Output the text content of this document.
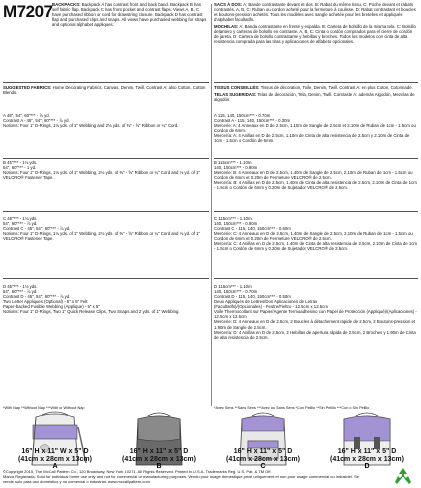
M7207 BACKPACKS: Backpack A has contrast front and back band. Backpack B has self fabric flap. Backpack C has front pocket and contrast flaps. Views A, B, C have purchased ribbon or cord for drawstring closure. Backpack D has contrast flap and purchased clips and snaps. All views have purchased webbing for straps and optional alphabet appliques.

SUGGESTED FABRICS: Home Decorating Fabrics, Canvas, Denim, Twill. Contrast A: also Cotton, Cotton Blends.

A 45", 54", 60"*** - ⅞ yd.
Contrast A - 45", 54", 60"*** - ⅞ yd.
Notions: Four 1" D-Rings, 1⅛ yds. of 1" Webbing and 2⅛ yds. of ⅜" - ⅝" Ribbon or ¼" Cord.
B 45"*** - 1⅛ yds.
54", 60"*** - 1 yd.
Notions: Four 1" D-Rings, 1⅛ yds. of 1" Webbing, 2⅛ yds. of ⅜" - ⅝" Ribbon or ¼" Cord and ⅛ yd. of 1" VELCRO® Fastener Tape.
C 45"*** - 1⅛ yds.
54", 60"*** - ⅞ yd.
Contrast C - 45", 54", 60"*** - ⅞ yd.
Notions: Four 1" D-Rings, 1⅛ yds. of 1" Webbing, 2⅛ yds. of ⅜" - ⅝" Ribbon or ¼" Cord and ⅛ yd. of 1" VELCRO® Fastener Tape.
D 45"*** - 1⅛ yds.
54", 60"*** - ⅞ yd.
Contrast D - 45", 54", 60"*** - ⅞ yd.
Two Letter Appliques (Optional) - 5" x 5" Felt
Paper-backed Fusible Webbing (Applique) - 5" x 5"
Notions: Four 1" D-Rings, Two 1" Quick Release Clips, Two Snaps and 2 yds. of 1" Webbing.

SACS À DOS: A: Bande contrastante devant et dos. B: Rabat du même tissu. C: Poche devant et rabats contrastés. A, B, C: Ruban ou cordon acheté pour la fermeture à coulisse. D: Rabat contrastant et boucles et boutons-pression achetés. Tous les modèles avec sangle achetée pour les bretelles et appliqués d'alphabet facultatifs.

MOCHILAS: A: Banda contrastante en frente y espalda. B: Cartera de bolsillo de la misma tela. C: Bolsillo delantero y carteras de bolsillo en contraste. A, B, C: Cinta o cordón comprados para el cierre de cordón de jareta. D: Cartera de bolsillo contrastante y hebillas y broches. Todos los modelos con cinta de alta resistencia comprada para las tiras y aplicaciones de alfabeto opcionales.

TISSUS CONSEILLÉS: Tissus de décoration, Toile, Denim, Twill. Contrast A: en plus Coton, Cotonnade.

TELAS SUGERIDAS: Telas de decoración, Tela, Denim, Twill. Contraste A: además Algodón, Mezclas de algodón.

A 115, 140, 150cm*** - 0.70m
Contrast A - 115, 140, 150cm*** - 0.30m
Mercerie: A: 4 Anneaux en D de 2.5cm, 1.10m de Sangle de 2.5cm et 2.10m de Ruban de 1cm - 1.5cm ou Cordon de 6mm.
Mercería: A: 4 Anillas en D de 2.5cm, 1.10m de Cinta de alta resistencia de 2.5cm y 2.10m de Cinta de 1cm - 1.5cm o Cordón de 6mm.
B 115cm*** - 1.10m
140, 150cm*** - 0.90m
Mercerie: B: 4 Anneaux en D de 2.5cm, 1.40m de Sangle de 2.5cm, 2.10m de Ruban de 1cm - 1.5cm ou Cordon de 6mm et 0.20m de Fermeture VELCRO® de 2.5cm.
Mercería: B: 4 Anillas en D de 2.5cm, 1.40m de Cinta de alta resistencia de 2.5cm, 2.10m de Cinta de 1cm - 1.5cm o Cordón de 6mm y 0.20m de Sujetador VELCRO® de 2.5cm.
C 115cm*** - 1.10m
140, 150cm*** - 0.90m
Contrast C - 115, 140, 150cm*** - 0.60m
Mercerie: C: 4 Anneaux en D de 2.5cm, 1.40m de Sangle de 2.5cm, 2.10m de Ruban de 1cm - 1.5cm ou Cordon de 6mm et 0.20m de Fermeture VELCRO® de 2.5cm.
Mercería: C: 4 Anillas en D de 2.5cm, 1.40m de Cinta de alta resistencia de 2.5cm, 2.10m de Cinta de 1cm - 1.5cm o Cordón de 6mm y 0.20m de Sujetador VELCRO® de 2.5cm.
D 115cm*** - 1.10m
140, 150cm*** - 0.70m
Contrast D - 115, 140, 150cm*** - 0.50m
Deux Appliqués de Lettres/Dos Aplicaciones de Letras
(Facultatifs)/(Opcionales) - Feutre/Fieltro - 12.5cm x 12.5cm
Voile Thermocollant sur Papier/Agente Termoadhesivo con Papel de Protección (Appliqué)/(Aplicaciones) - 12.5cm x 12.5cm
Mercerie: D: 4 Anneaux en D de 2.5cm, 2 Boucles à détachement rapide de 2.5cm, 2 Boutons-pression et 1.90m de Sangle de 2.5cm.
Mercería: D: 4 Anillas en D de 2.5cm, 2 Hebillas de apertura rápida de 2.5cm, 2 Broches y 1.90m de Cinta de alta resistencia de 2.5cm.
*With Nap **Without Nap ***With or Without Nap	*Avec Sens **Sans Sens ***Avec ou Sans Sens *Con Pelillo **Sin Pelillo ***Con o Sin Pelillo
A	B	C	D
16" H x 11" W x 5" D
(41cm x 28cm x 13cm)
16" H x 11" x 5" D
(41cm x 28cm x 13cm)
16" H x 11" x 5" D
(41cm x 28cm x 13cm)
16" H x 11" x 5" D
(41cm x 28cm x 13cm)
©Copyright 2015, The McCall Pattern Co., 120 Broadway, New York 10271. All Rights Reserved. Printed in U.S.A. Trademarks Reg. U.S. Pat. & TM Off.
Marca Registrada. Sold for individual home use only and not for commercial or manufacturing purposes. Vendu pour usage domestique privé uniquement et non pour usage commercial ou industriel. Se vende solo para uso doméstico y no comercial o industrial. www.mccallpattern.com
